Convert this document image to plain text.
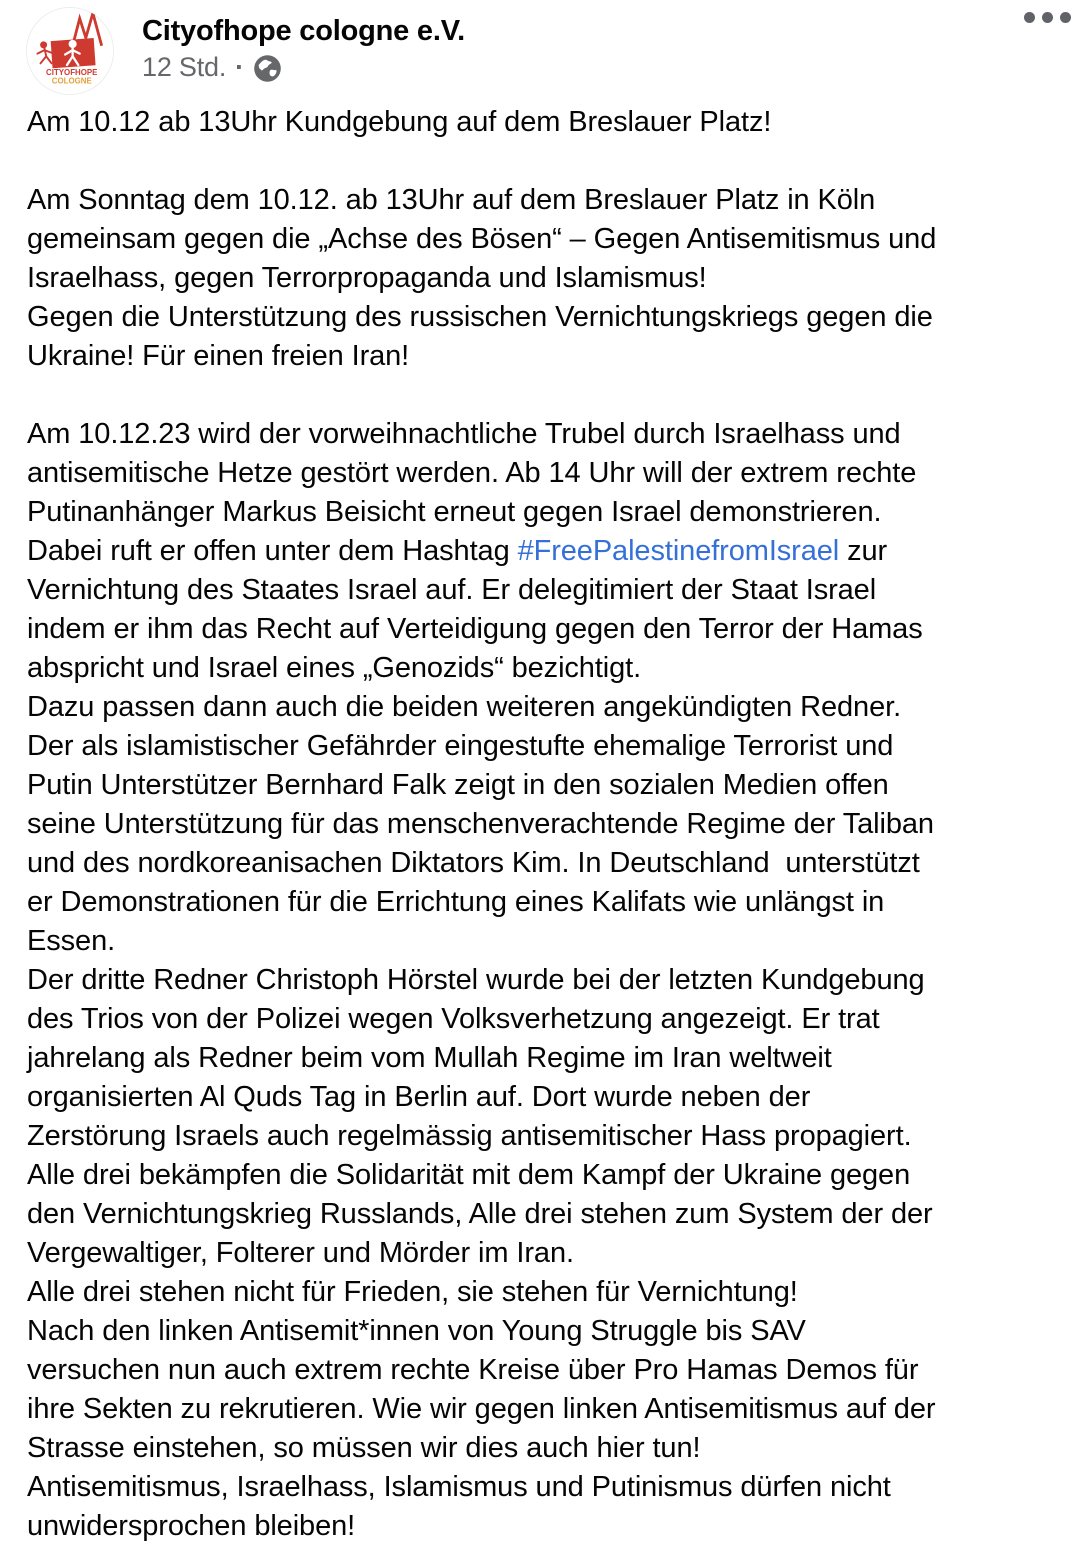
CITYOFHOPE
COLOGNE
Cityofhope cologne e.V.
12 Std. ·
Am 10.12 ab 13Uhr Kundgebung auf dem Breslauer Platz!
Am Sonntag dem 10.12. ab 13Uhr auf dem Breslauer Platz in Köln
gemeinsam gegen die „Achse des Bösen“ – Gegen Antisemitismus und
Israelhass, gegen Terrorpropaganda und Islamismus!
Gegen die Unterstützung des russischen Vernichtungskriegs gegen die
Ukraine! Für einen freien Iran!
Am 10.12.23 wird der vorweihnachtliche Trubel durch Israelhass und
antisemitische Hetze gestört werden. Ab 14 Uhr will der extrem rechte
Putinanhänger Markus Beisicht erneut gegen Israel demonstrieren.
Dabei ruft er offen unter dem Hashtag #FreePalestinefromIsrael zur
Vernichtung des Staates Israel auf. Er delegitimiert der Staat Israel
indem er ihm das Recht auf Verteidigung gegen den Terror der Hamas
abspricht und Israel eines „Genozids“ bezichtigt.
Dazu passen dann auch die beiden weiteren angekündigten Redner.
Der als islamistischer Gefährder eingestufte ehemalige Terrorist und
Putin Unterstützer Bernhard Falk zeigt in den sozialen Medien offen
seine Unterstützung für das menschenverachtende Regime der Taliban
und des nordkoreanisachen Diktators Kim. In Deutschland  unterstützt
er Demonstrationen für die Errichtung eines Kalifats wie unlängst in
Essen.
Der dritte Redner Christoph Hörstel wurde bei der letzten Kundgebung
des Trios von der Polizei wegen Volksverhetzung angezeigt. Er trat
jahrelang als Redner beim vom Mullah Regime im Iran weltweit
organisierten Al Quds Tag in Berlin auf. Dort wurde neben der
Zerstörung Israels auch regelmässig antisemitischer Hass propagiert.
Alle drei bekämpfen die Solidarität mit dem Kampf der Ukraine gegen
den Vernichtungskrieg Russlands, Alle drei stehen zum System der der
Vergewaltiger, Folterer und Mörder im Iran.
Alle drei stehen nicht für Frieden, sie stehen für Vernichtung!
Nach den linken Antisemit*innen von Young Struggle bis SAV
versuchen nun auch extrem rechte Kreise über Pro Hamas Demos für
ihre Sekten zu rekrutieren. Wie wir gegen linken Antisemitismus auf der
Strasse einstehen, so müssen wir dies auch hier tun!
Antisemitismus, Israelhass, Islamismus und Putinismus dürfen nicht
unwidersprochen bleiben!
